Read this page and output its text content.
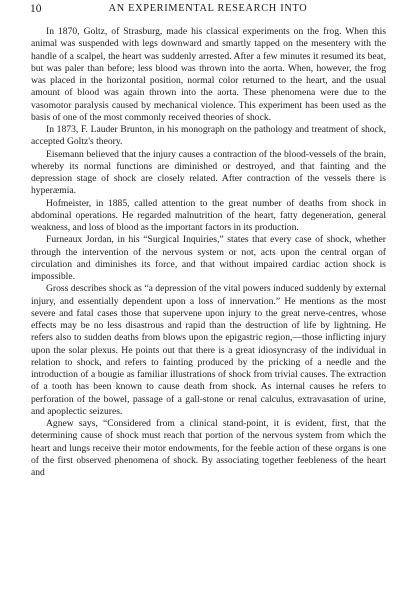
10	AN EXPERIMENTAL RESEARCH INTO

In 1870, Goltz, of Strasburg, made his classical experiments on the frog. When this animal was suspended with legs downward and smartly tapped on the mesentery with the handle of a scalpel, the heart was suddenly arrested. After a few minutes it resumed its beat, but was paler than before; less blood was thrown into the aorta. When, however, the frog was placed in the horizontal position, normal color returned to the heart, and the usual amount of blood was again thrown into the aorta. These phenomena were due to the vasomotor paralysis caused by mechanical violence. This experiment has been used as the basis of one of the most commonly received theories of shock.

In 1873, F. Lauder Brunton, in his monograph on the pathology and treatment of shock, accepted Goltz's theory.

Eisemann believed that the injury causes a contraction of the blood-vessels of the brain, whereby its normal functions are diminished or destroyed, and that fainting and the depression stage of shock are closely related. After contraction of the vessels there is hyperæmia.

Hofmeister, in 1885, called attention to the great number of deaths from shock in abdominal operations. He regarded malnutrition of the heart, fatty degeneration, general weakness, and loss of blood as the important factors in its production.

Furneaux Jordan, in his “Surgical Inquiries,” states that every case of shock, whether through the intervention of the nervous system or not, acts upon the central organ of circulation and diminishes its force, and that without impaired cardiac action shock is impossible.

Gross describes shock as “a depression of the vital powers induced suddenly by external injury, and essentially dependent upon a loss of innervation.” He mentions as the most severe and fatal cases those that supervene upon injury to the great nerve-centres, whose effects may be no less disastrous and rapid than the destruction of life by lightning. He refers also to sudden deaths from blows upon the epigastric region,—those inflicting injury upon the solar plexus. He points out that there is a great idiosyncrasy of the individual in relation to shock, and refers to fainting produced by the pricking of a needle and the introduction of a bougie as familiar illustrations of shock from trivial causes. The extraction of a tooth has been known to cause death from shock. As internal causes he refers to perforation of the bowel, passage of a gall-stone or renal calculus, extravasation of urine, and apoplectic seizures.

Agnew says, “Considered from a clinical stand-point, it is evident, first, that the determining cause of shock must reach that portion of the nervous system from which the heart and lungs receive their motor endowments, for the feeble action of these organs is one of the first observed phenomena of shock. By associating together feebleness of the heart and
